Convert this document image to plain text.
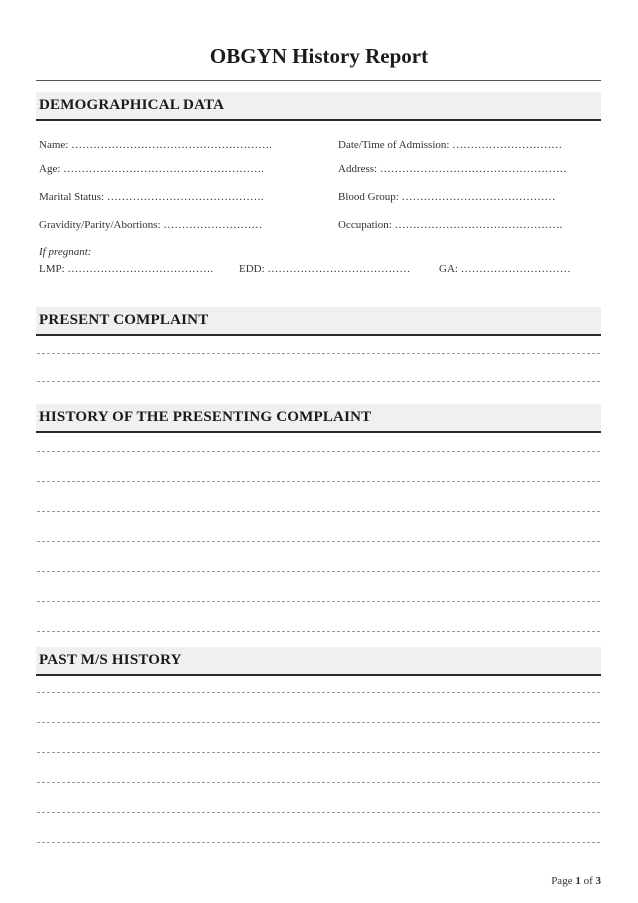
OBGYN History Report
DEMOGRAPHICAL DATA
Name: ……………………………………………….	Date/Time of Admission: …………………………
Age: ……………………………………………….	Address: ……………………………………………
Marital Status: …………………………………….	Blood Group: ……………………………………
Gravidity/Parity/Abortions: ………………………	Occupation: ……………………………………….
If pregnant:
LMP: …………………………………. EDD: …………………………………	GA: …………………………
PRESENT COMPLAINT
HISTORY OF THE PRESENTING COMPLAINT
PAST M/S HISTORY
Page 1 of 3
